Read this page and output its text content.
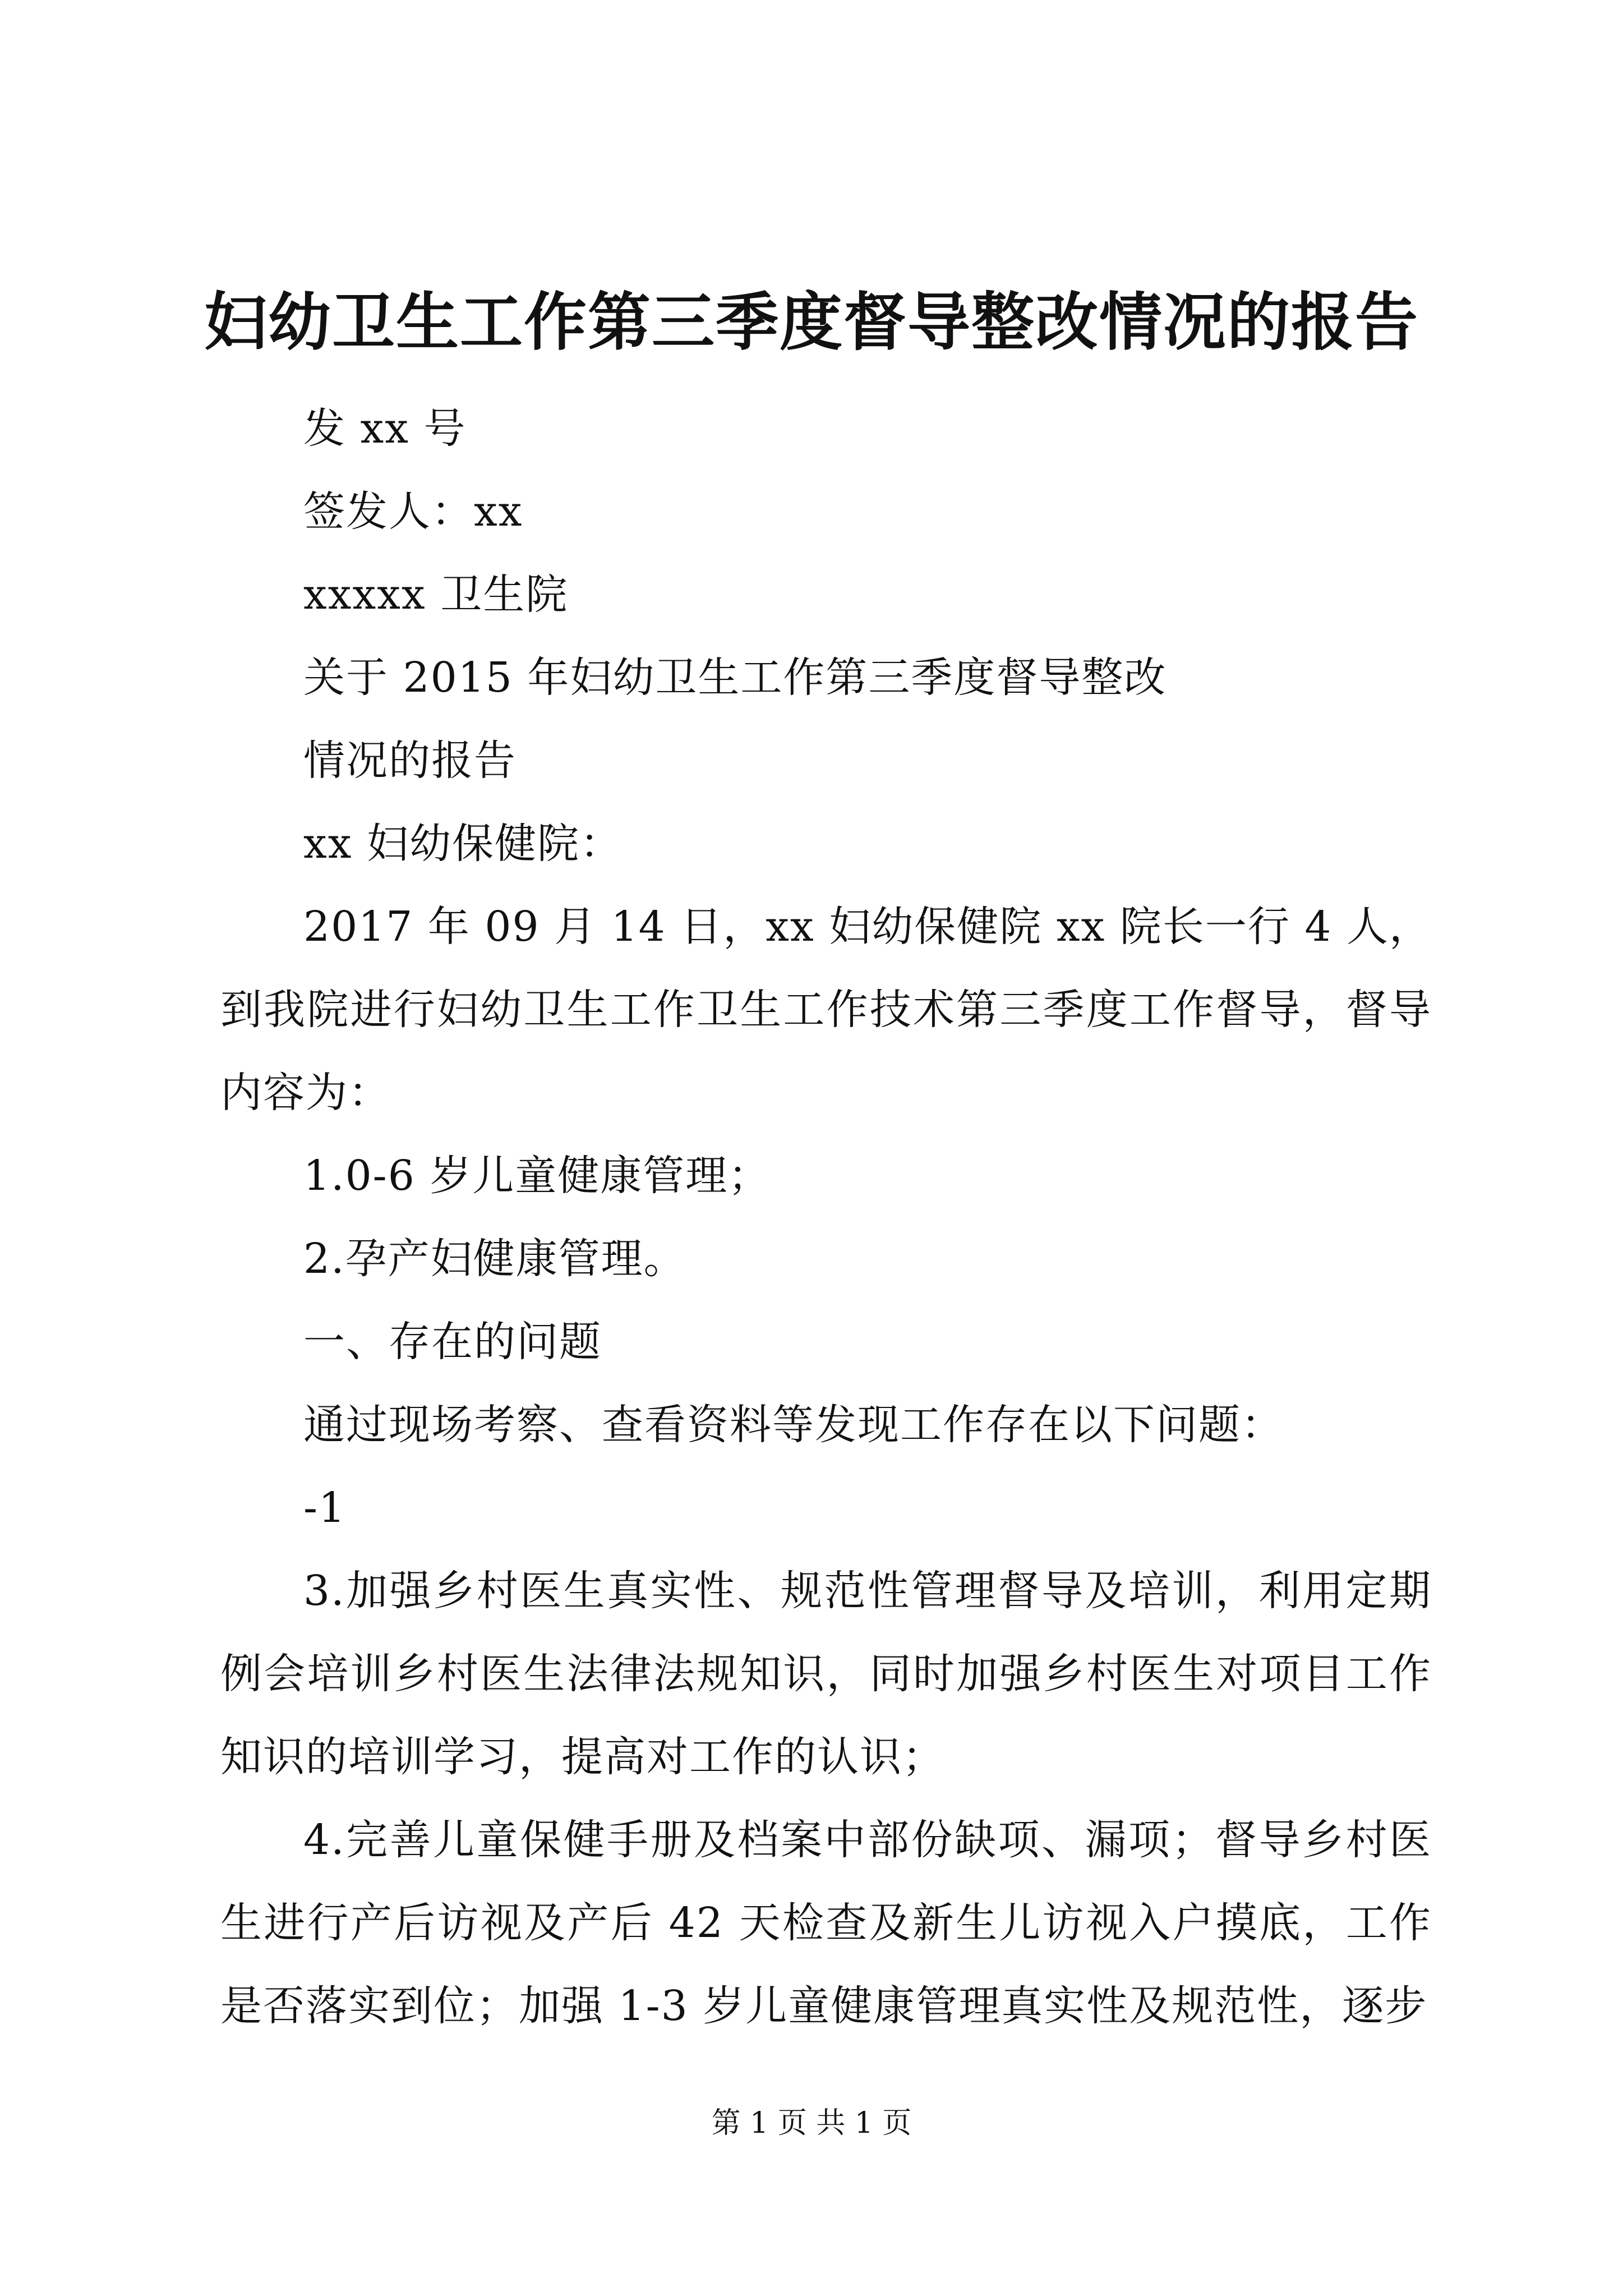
妇幼卫生工作第三季度督导整改情况的报告

发 xx 号

签发人：xx

xxxxx 卫生院

关于 2015 年妇幼卫生工作第三季度督导整改

情况的报告

xx 妇幼保健院：

2017 年 09 月 14 日，xx 妇幼保健院 xx 院长一行 4 人，到我院进行妇幼卫生工作卫生工作技术第三季度工作督导，督导内容为：

1.0-6 岁儿童健康管理；

2.孕产妇健康管理。

一、存在的问题

通过现场考察、查看资料等发现工作存在以下问题：

-1

3.加强乡村医生真实性、规范性管理督导及培训，利用定期例会培训乡村医生法律法规知识，同时加强乡村医生对项目工作知识的培训学习，提高对工作的认识；

4.完善儿童保健手册及档案中部份缺项、漏项；督导乡村医生进行产后访视及产后 42 天检查及新生儿访视入户摸底，工作是否落实到位；加强 1-3 岁儿童健康管理真实性及规范性，逐步

第 1 页 共 1 页
